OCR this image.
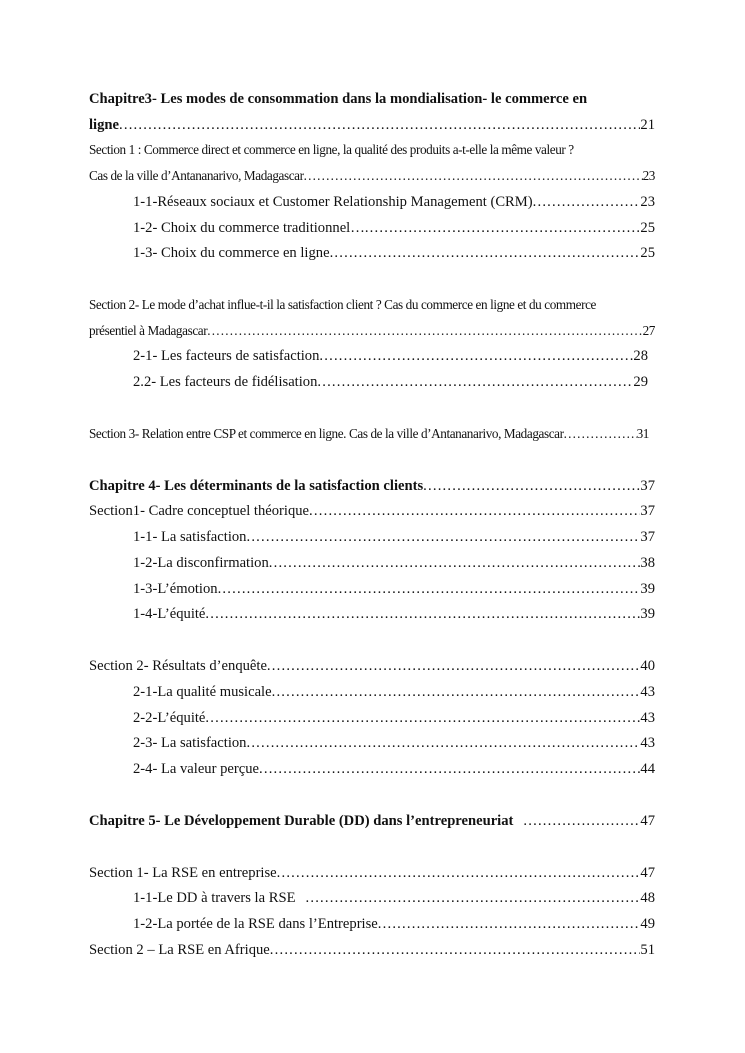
Chapitre3- Les modes de consommation dans la mondialisation- le commerce en
ligne .....	21
Section 1 : Commerce direct et commerce en ligne, la qualité des produits a-t-elle la même valeur ?
Cas de la ville d’Antananarivo, Madagascar .....	23
1-1-Réseaux sociaux et Customer Relationship Management (CRM) .....	23
1-2- Choix du commerce traditionnel… .....	25
1-3- Choix du commerce en ligne .....	25
Section 2- Le mode d’achat influe-t-il la satisfaction client ? Cas du commerce en ligne et du commerce
présentiel à Madagascar .....	27
2-1- Les facteurs de satisfaction .....	28
2.2- Les facteurs de fidélisation .....	29
Section 3- Relation entre CSP et commerce en ligne. Cas de la ville d’Antananarivo, Madagascar .....	31
Chapitre 4- Les déterminants de la satisfaction clients .....	37
Section1- Cadre conceptuel théorique .....	37
1-1- La satisfaction .....	37
1-2-La disconfirmation .....	38
1-3-L’émotion .....	39
1-4-L’équité .....	39
Section 2- Résultats d’enquête .....	40
2-1-La qualité musicale .....	43
2-2-L’équité .....	43
2-3- La satisfaction .....	43
2-4- La valeur perçue .....	44
Chapitre 5- Le Développement Durable (DD) dans l’entrepreneuriat .....	47
Section 1- La RSE en entreprise .....	47
1-1-Le DD à travers la RSE .....	48
1-2-La portée de la RSE dans l’Entreprise .....	49
Section 2 – La RSE en Afrique .....	51
